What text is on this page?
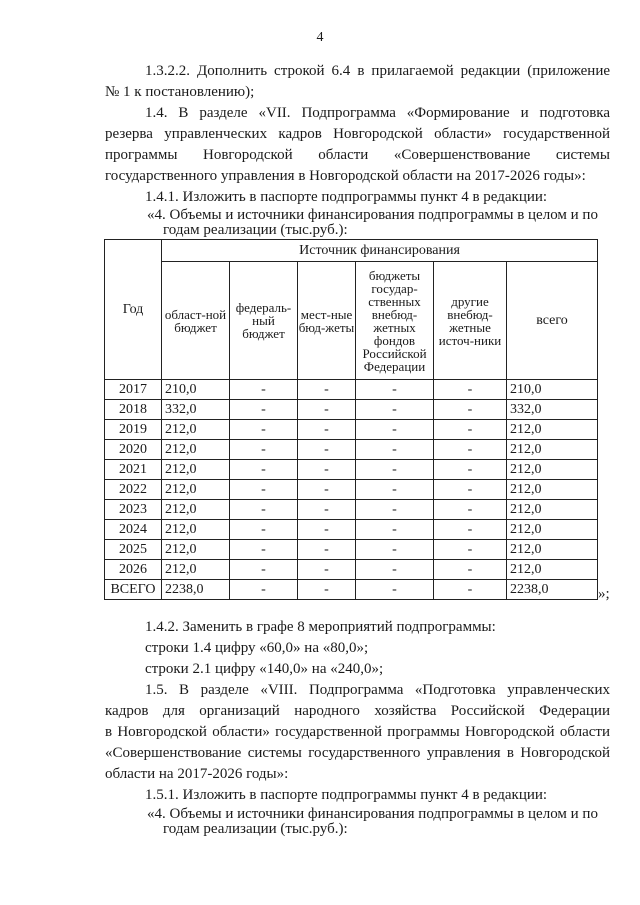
4
1.3.2.2. Дополнить строкой 6.4 в прилагаемой редакции (приложение
№ 1 к постановлению);
1.4. В разделе «VII. Подпрограмма «Формирование и подготовка
резерва управленческих кадров Новгородской области» государственной
программы Новгородской области «Совершенствование системы
государственного управления в Новгородской области на 2017-2026 годы»:
1.4.1. Изложить в паспорте подпрограммы пункт 4 в редакции:
«4. Объемы и источники финансирования подпрограммы в целом и по
годам реализации (тыс.руб.):
Год	Источник финансирования					
	област-ной бюджет	федераль-ный бюджет	мест-ные бюд-жеты	бюджеты государ-ственных внебюд-жетных фондов Российской Федерации	другие внебюд-жетные источ-ники	всего
2017	210,0	-	-	-	-	210,0
2018	332,0	-	-	-	-	332,0
2019	212,0	-	-	-	-	212,0
2020	212,0	-	-	-	-	212,0
2021	212,0	-	-	-	-	212,0
2022	212,0	-	-	-	-	212,0
2023	212,0	-	-	-	-	212,0
2024	212,0	-	-	-	-	212,0
2025	212,0	-	-	-	-	212,0
2026	212,0	-	-	-	-	212,0
ВСЕГО	2238,0	-	-	-	-	2238,0	»;
1.4.2. Заменить в графе 8 мероприятий подпрограммы:
строки 1.4 цифру «60,0» на «80,0»;
строки 2.1 цифру «140,0» на «240,0»;
1.5. В разделе «VIII. Подпрограмма «Подготовка управленческих
кадров для организаций народного хозяйства Российской Федерации
в Новгородской области» государственной программы Новгородской области
«Совершенствование системы государственного управления в Новгородской
области на 2017-2026 годы»:
1.5.1. Изложить в паспорте подпрограммы пункт 4 в редакции:
«4. Объемы и источники финансирования подпрограммы в целом и по
годам реализации (тыс.руб.):
